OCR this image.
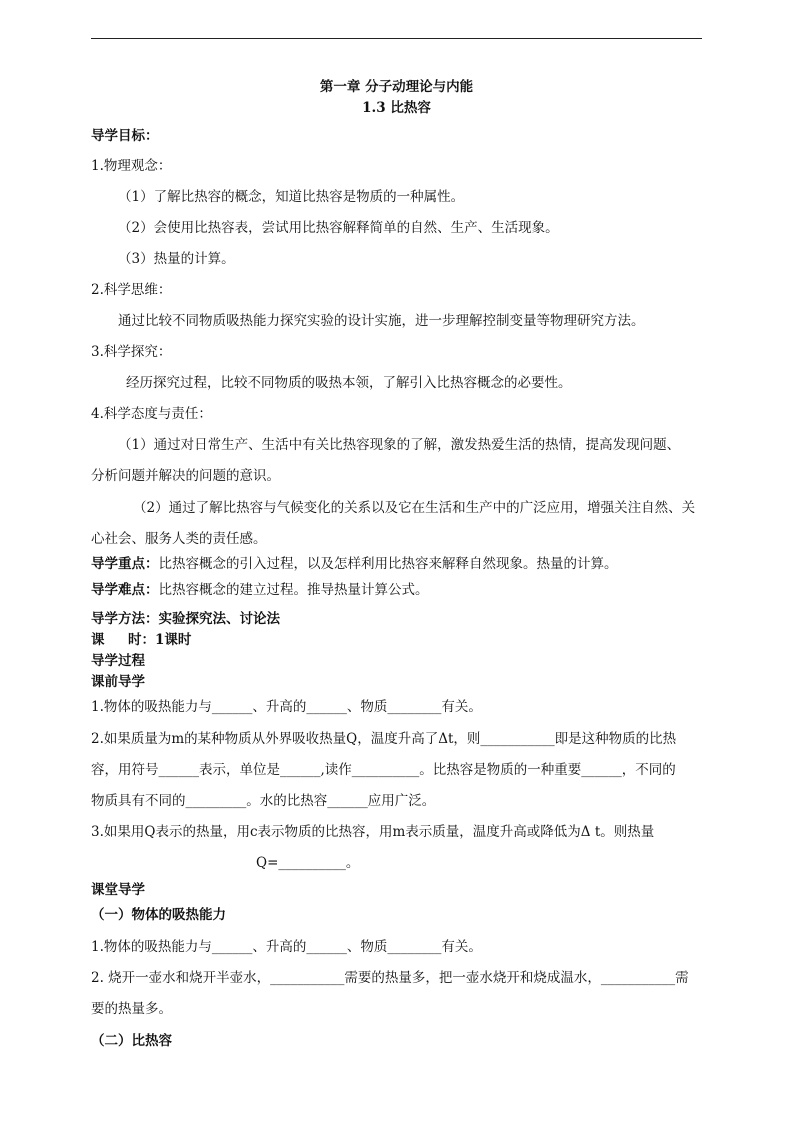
第一章 分子动理论与内能
1.3 比热容
导学目标：
1.物理观念：
（1）了解比热容的概念，知道比热容是物质的一种属性。
（2）会使用比热容表，尝试用比热容解释简单的自然、生产、生活现象。
（3）热量的计算。
2.科学思维：
通过比较不同物质吸热能力探究实验的设计实施，进一步理解控制变量等物理研究方法。
3.科学探究：
经历探究过程，比较不同物质的吸热本领，了解引入比热容概念的必要性。
4.科学态度与责任：
（1）通过对日常生产、生活中有关比热容现象的了解，激发热爱生活的热情，提高发现问题、
分析问题并解决的问题的意识。
（2）通过了解比热容与气候变化的关系以及它在生活和生产中的广泛应用，增强关注自然、关
心社会、服务人类的责任感。
导学重点：比热容概念的引入过程，以及怎样利用比热容来解释自然现象。热量的计算。
导学难点：比热容概念的建立过程。推导热量计算公式。
导学方法：实验探究法、讨论法
课     时：1课时
导学过程
课前导学
1.物体的吸热能力与______、升高的______、物质________有关。
2.如果质量为m的某种物质从外界吸收热量Q，温度升高了Δt，则___________即是这种物质的比热
容，用符号______表示，单位是______,读作__________。比热容是物质的一种重要______，不同的
物质具有不同的_________。水的比热容______应用广泛。
3.如果用Q表示的热量，用c表示物质的比热容，用m表示质量，温度升高或降低为Δ t。则热量
Q=__________。
课堂导学
（一）物体的吸热能力
1.物体的吸热能力与______、升高的______、物质________有关。
2. 烧开一壶水和烧开半壶水，___________需要的热量多，把一壶水烧开和烧成温水，___________需
要的热量多。
（二）比热容
